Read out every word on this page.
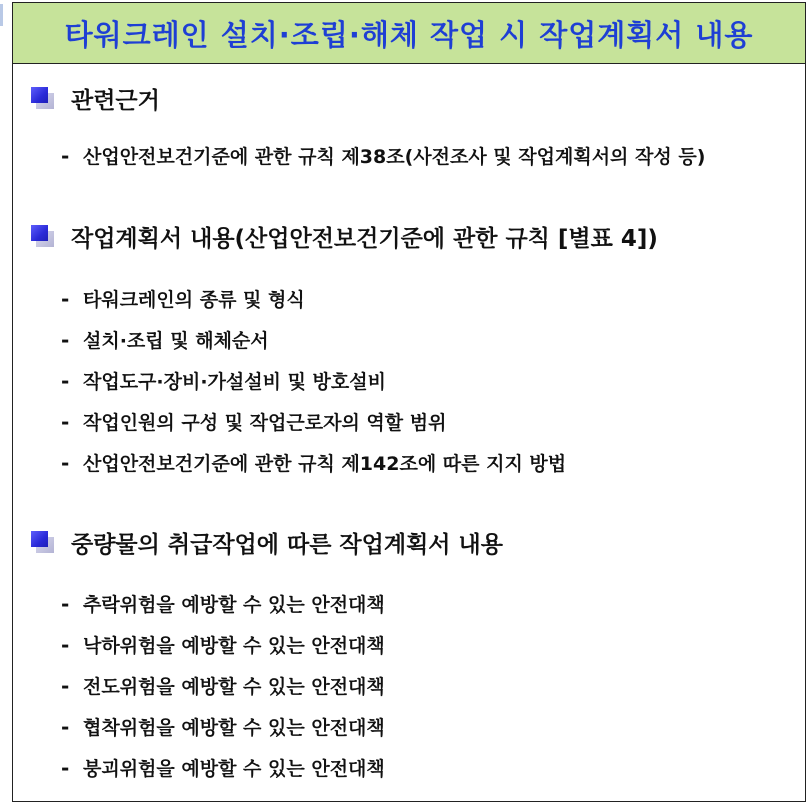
타워크레인 설치·조립·해체 작업 시 작업계획서 내용
관련근거
- 산업안전보건기준에 관한 규칙 제38조(사전조사 및 작업계획서의 작성 등)
작업계획서 내용(산업안전보건기준에 관한 규칙 [별표 4])
- 타워크레인의 종류 및 형식
- 설치·조립 및 해체순서
- 작업도구·장비·가설설비 및 방호설비
- 작업인원의 구성 및 작업근로자의 역할 범위
- 산업안전보건기준에 관한 규칙 제142조에 따른 지지 방법
중량물의 취급작업에 따른 작업계획서 내용
- 추락위험을 예방할 수 있는 안전대책
- 낙하위험을 예방할 수 있는 안전대책
- 전도위험을 예방할 수 있는 안전대책
- 협착위험을 예방할 수 있는 안전대책
- 붕괴위험을 예방할 수 있는 안전대책
